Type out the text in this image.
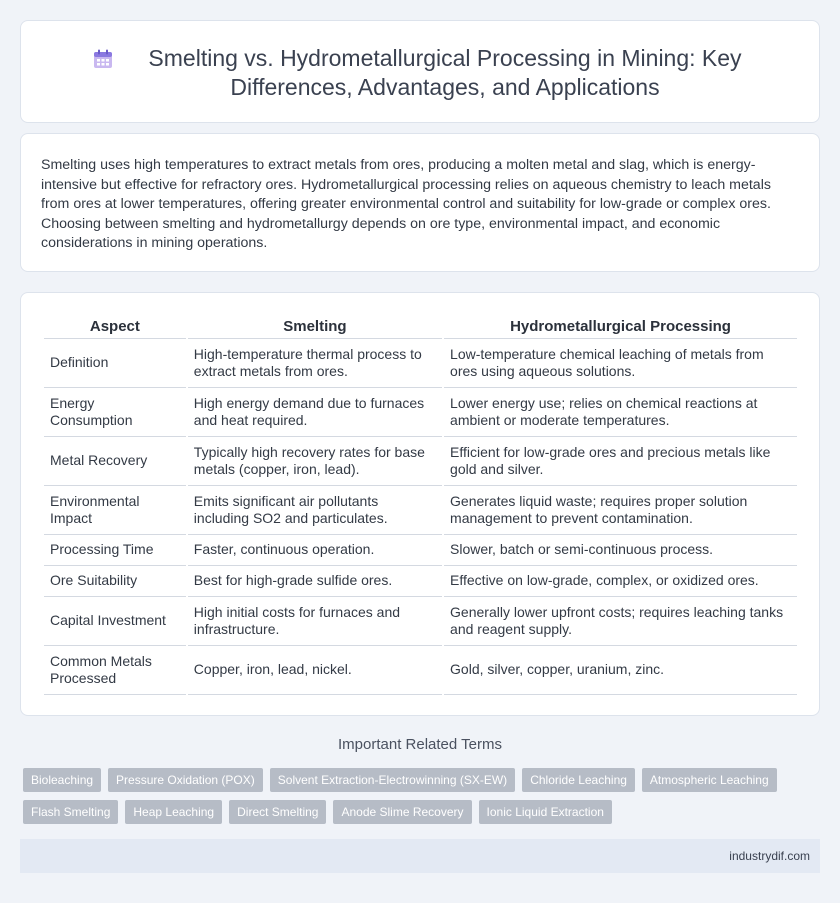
Smelting vs. Hydrometallurgical Processing in Mining: Key Differences, Advantages, and Applications

Smelting uses high temperatures to extract metals from ores, producing a molten metal and slag, which is energy-intensive but effective for refractory ores. Hydrometallurgical processing relies on aqueous chemistry to leach metals from ores at lower temperatures, offering greater environmental control and suitability for low-grade or complex ores. Choosing between smelting and hydrometallurgy depends on ore type, environmental impact, and economic considerations in mining operations.

Aspect	Smelting	Hydrometallurgical Processing
Definition	High-temperature thermal process to extract metals from ores.	Low-temperature chemical leaching of metals from ores using aqueous solutions.
Energy Consumption	High energy demand due to furnaces and heat required.	Lower energy use; relies on chemical reactions at ambient or moderate temperatures.
Metal Recovery	Typically high recovery rates for base metals (copper, iron, lead).	Efficient for low-grade ores and precious metals like gold and silver.
Environmental Impact	Emits significant air pollutants including SO2 and particulates.	Generates liquid waste; requires proper solution management to prevent contamination.
Processing Time	Faster, continuous operation.	Slower, batch or semi-continuous process.
Ore Suitability	Best for high-grade sulfide ores.	Effective on low-grade, complex, or oxidized ores.
Capital Investment	High initial costs for furnaces and infrastructure.	Generally lower upfront costs; requires leaching tanks and reagent supply.
Common Metals Processed	Copper, iron, lead, nickel.	Gold, silver, copper, uranium, zinc.
Important Related Terms
Bioleaching	Pressure Oxidation (POX)	Solvent Extraction-Electrowinning (SX-EW)	Chloride Leaching	Atmospheric Leaching
Flash Smelting	Heap Leaching	Direct Smelting	Anode Slime Recovery	Ionic Liquid Extraction
industrydif.com
